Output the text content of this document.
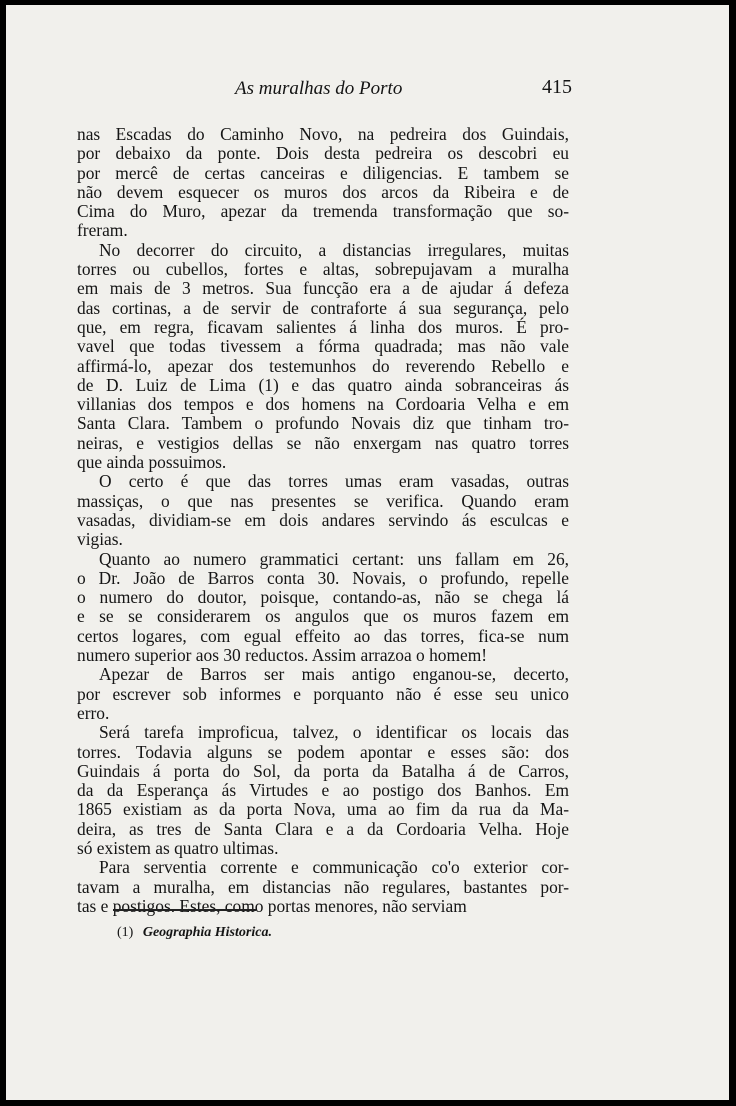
As muralhas do Porto	415
nas Escadas do Caminho Novo, na pedreira dos Guindais,
por debaixo da ponte. Dois desta pedreira os descobri eu
por mercê de certas canceiras e diligencias. E tambem se
não devem esquecer os muros dos arcos da Ribeira e de
Cima do Muro, apezar da tremenda transformação que so-
freram.
No decorrer do circuito, a distancias irregulares, muitas
torres ou cubellos, fortes e altas, sobrepujavam a muralha
em mais de 3 metros. Sua funcção era a de ajudar á defeza
das cortinas, a de servir de contraforte á sua segurança, pelo
que, em regra, ficavam salientes á linha dos muros. É pro-
vavel que todas tivessem a fórma quadrada; mas não vale
affirmá-lo, apezar dos testemunhos do reverendo Rebello e
de D. Luiz de Lima (1) e das quatro ainda sobranceiras ás
villanias dos tempos e dos homens na Cordoaria Velha e em
Santa Clara. Tambem o profundo Novais diz que tinham tro-
neiras, e vestigios dellas se não enxergam nas quatro torres
que ainda possuimos.
O certo é que das torres umas eram vasadas, outras
massiças, o que nas presentes se verifica. Quando eram
vasadas, dividiam-se em dois andares servindo ás esculcas e
vigias.
Quanto ao numero grammatici certant: uns fallam em 26,
o Dr. João de Barros conta 30. Novais, o profundo, repelle
o numero do doutor, poisque, contando-as, não se chega lá
e se se considerarem os angulos que os muros fazem em
certos logares, com egual effeito ao das torres, fica-se num
numero superior aos 30 reductos. Assim arrazoa o homem!
Apezar de Barros ser mais antigo enganou-se, decerto,
por escrever sob informes e porquanto não é esse seu unico
erro.
Será tarefa improficua, talvez, o identificar os locais das
torres. Todavia alguns se podem apontar e esses são: dos
Guindais á porta do Sol, da porta da Batalha á de Carros,
da da Esperança ás Virtudes e ao postigo dos Banhos. Em
1865 existiam as da porta Nova, uma ao fim da rua da Ma-
deira, as tres de Santa Clara e a da Cordoaria Velha. Hoje
só existem as quatro ultimas.
Para serventia corrente e communicação co'o exterior cor-
tavam a muralha, em distancias não regulares, bastantes por-
tas e postigos. Estes, como portas menores, não serviam
(1) Geographia Historica.
